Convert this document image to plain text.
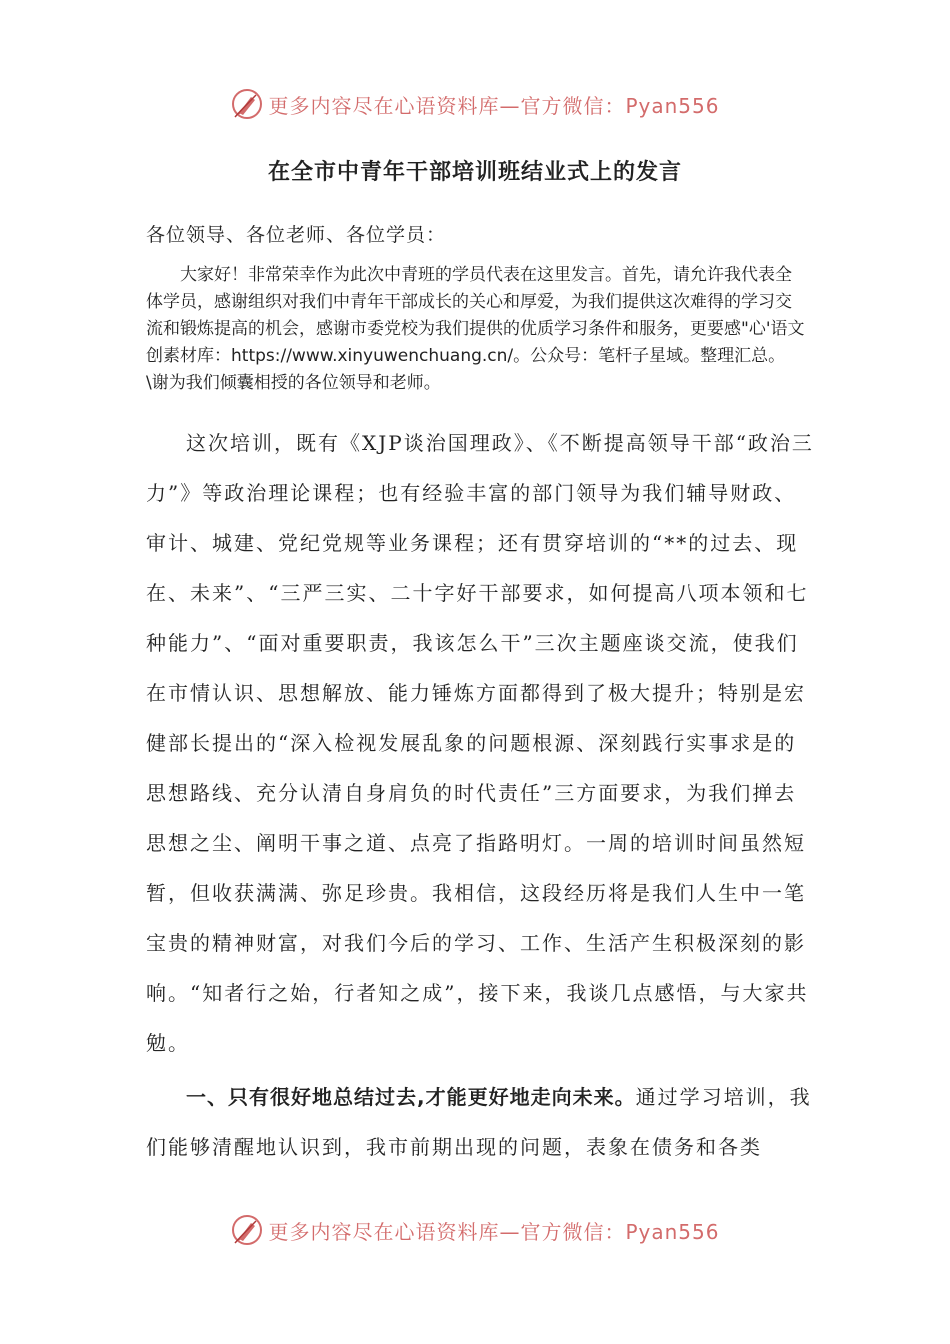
更多内容尽在心语资料库—官方微信：Pyan556
在全市中青年干部培训班结业式上的发言
各位领导、各位老师、各位学员：
大家好！非常荣幸作为此次中青班的学员代表在这里发言。首先，请允许我代表全体学员，感谢组织对我们中青年干部成长的关心和厚爱，为我们提供这次难得的学习交流和锻炼提高的机会，感谢市委党校为我们提供的优质学习条件和服务，更要感"心'语文创素材库：https://www.xinyuwenchuang.cn/。公众号：笔杆子星域。整理汇总。\谢为我们倾囊相授的各位领导和老师。
这次培训，既有《XJP谈治国理政》、《不断提高领导干部“政治三力”》等政治理论课程；也有经验丰富的部门领导为我们辅导财政、审计、城建、党纪党规等业务课程；还有贯穿培训的“**的过去、现在、未来”、“三严三实、二十字好干部要求，如何提高八项本领和七种能力”、“面对重要职责，我该怎么干”三次主题座谈交流，使我们在市情认识、思想解放、能力锤炼方面都得到了极大提升；特别是宏健部长提出的“深入检视发展乱象的问题根源、深刻践行实事求是的思想路线、充分认清自身肩负的时代责任”三方面要求，为我们掸去思想之尘、阐明干事之道、点亮了指路明灯。一周的培训时间虽然短暂，但收获满满、弥足珍贵。我相信，这段经历将是我们人生中一笔宝贵的精神财富，对我们今后的学习、工作、生活产生积极深刻的影响。“知者行之始，行者知之成”，接下来，我谈几点感悟，与大家共勉。
一、只有很好地总结过去,才能更好地走向未来。通过学习培训，我们能够清醒地认识到，我市前期出现的问题，表象在债务和各类
更多内容尽在心语资料库—官方微信：Pyan556
